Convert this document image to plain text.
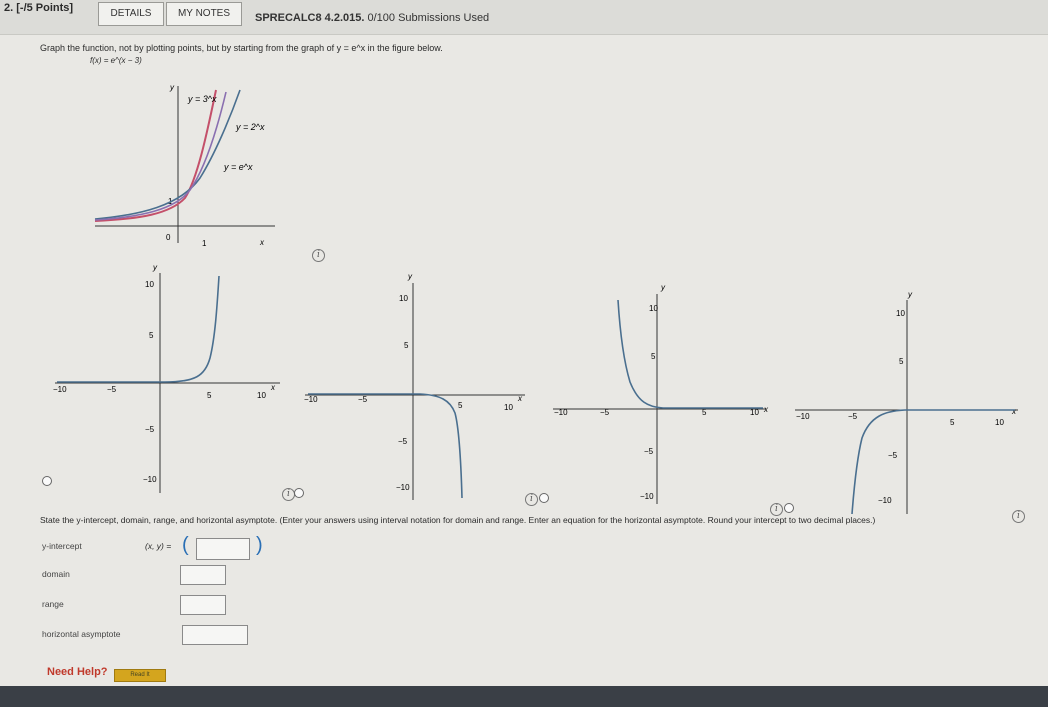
2. [-/5 Points]	DETAILS	MY NOTES	SPRECALC8 4.2.015. 0/100 Submissions Used
Graph the function, not by plotting points, but by starting from the graph of y = e^x in the figure below.
f(x) = e^(x − 3)
y
x
0
1
1
y = 3^x
y = 2^x
y = e^x
i
y
x
−10	−5
5	10
10
5
−5
−10
y
x
−10	−5
5	10
10
5
−5
−10
i
y
x
−10	−5	5	10
10
5
−5
−10
i
y
x
−10	−5
5	10
10
5
−5
−10
i
i
State the y-intercept, domain, range, and horizontal asymptote. (Enter your answers using interval notation for domain and range. Enter an equation for the horizontal asymptote. Round your intercept to two decimal places.)
y-intercept	(x, y) = (	)
domain
range
horizontal asymptote
Need Help?	Read It
